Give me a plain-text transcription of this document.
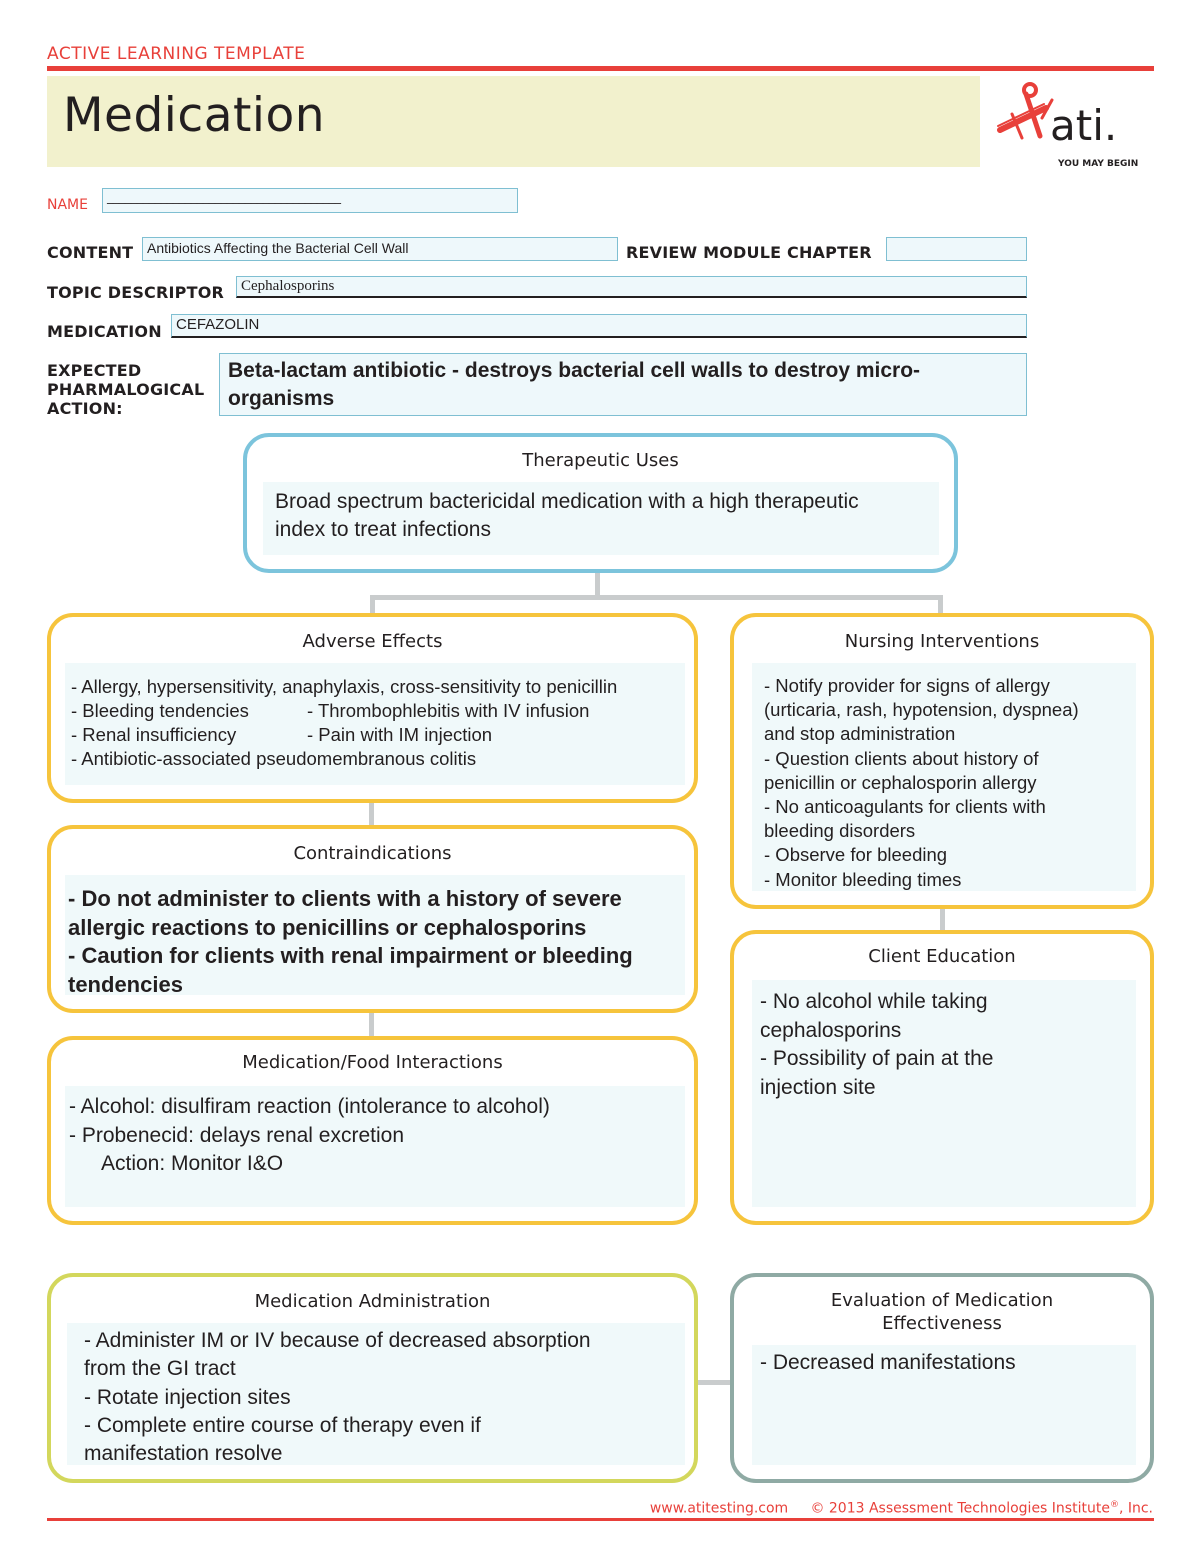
ACTIVE LEARNING TEMPLATE
Medication	ati.
YOU MAY BEGIN
NAME	_______________________________________
CONTENT Antibiotics Affecting the Bacterial Cell Wall	REVIEW MODULE CHAPTER
TOPIC DESCRIPTOR	Cephalosporins
MEDICATION CEFAZOLIN
EXPECTED
PHARMALOGICAL
ACTION:
Beta-lactam antibiotic - destroys bacterial cell walls to destroy micro-
organisms
Therapeutic Uses
Broad spectrum bactericidal medication with a high therapeutic
index to treat infections
Adverse Effects
- Allergy, hypersensitivity, anaphylaxis, cross-sensitivity to penicillin
- Bleeding tendencies	- Thrombophlebitis with IV infusion
- Renal insufficiency	- Pain with IM injection
- Antibiotic-associated pseudomembranous colitis
Nursing Interventions
- Notify provider for signs of allergy
(urticaria, rash, hypotension, dyspnea)
and stop administration
- Question clients about history of
penicillin or cephalosporin allergy
- No anticoagulants for clients with
bleeding disorders
- Observe for bleeding
- Monitor bleeding times
Contraindications
- Do not administer to clients with a history of severe
allergic reactions to penicillins or cephalosporins
- Caution for clients with renal impairment or bleeding
tendencies
Client Education
- No alcohol while taking
cephalosporins
- Possibility of pain at the
injection site
Medication/Food Interactions
- Alcohol: disulfiram reaction (intolerance to alcohol)
- Probenecid: delays renal excretion
Action: Monitor I&O
Medication Administration
- Administer IM or IV because of decreased absorption
from the GI tract
- Rotate injection sites
- Complete entire course of therapy even if
manifestation resolve
Evaluation of Medication
Effectiveness
- Decreased manifestations
www.atitesting.com © 2013 Assessment Technologies Institute®, Inc.
